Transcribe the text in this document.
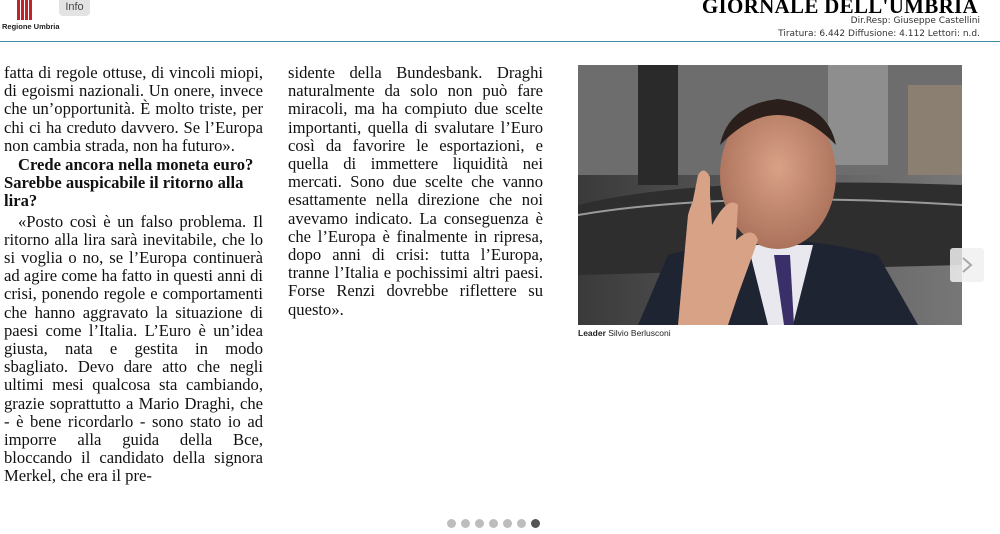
Regione Umbria
Info	GIORNALE DELL'UMBRIA
Dir.Resp: Giuseppe Castellini
Tiratura: 6.442 Diffusione: 4.112 Lettori: n.d.

fatta di regole ottuse, di vincoli miopi, di egoismi nazionali. Un onere, invece che un’opportunità. È molto triste, per chi ci ha creduto davvero. Se l’Europa non cambia strada, non ha futuro».

Crede ancora nella moneta euro? Sarebbe auspicabile il ritorno alla lira?

«Posto così è un falso problema. Il ritorno alla lira sarà inevitabile, che lo si voglia o no, se l’Europa continuerà ad agire come ha fatto in questi anni di crisi, ponendo regole e comportamenti che hanno aggravato la situazione di paesi come l’Italia. L’Euro è un’idea giusta, nata e gestita in modo sbagliato. Devo dare atto che negli ultimi mesi qualcosa sta cambiando, grazie soprattutto a Mario Draghi, che - è bene ricordarlo - sono stato io ad imporre alla guida della Bce, bloccando il candidato della signora Merkel, che era il pre-

sidente della Bundesbank. Draghi naturalmente da solo non può fare miracoli, ma ha compiuto due scelte importanti, quella di svalutare l’Euro così da favorire le esportazioni, e quella di immettere liquidità nei mercati. Sono due scelte che vanno esattamente nella direzione che noi avevamo indicato. La conseguenza è che l’Europa è finalmente in ripresa, dopo anni di crisi: tutta l’Europa, tranne l’Italia e pochissimi altri paesi. Forse Renzi dovrebbe riflettere su questo».

Leader Silvio Berlusconi
